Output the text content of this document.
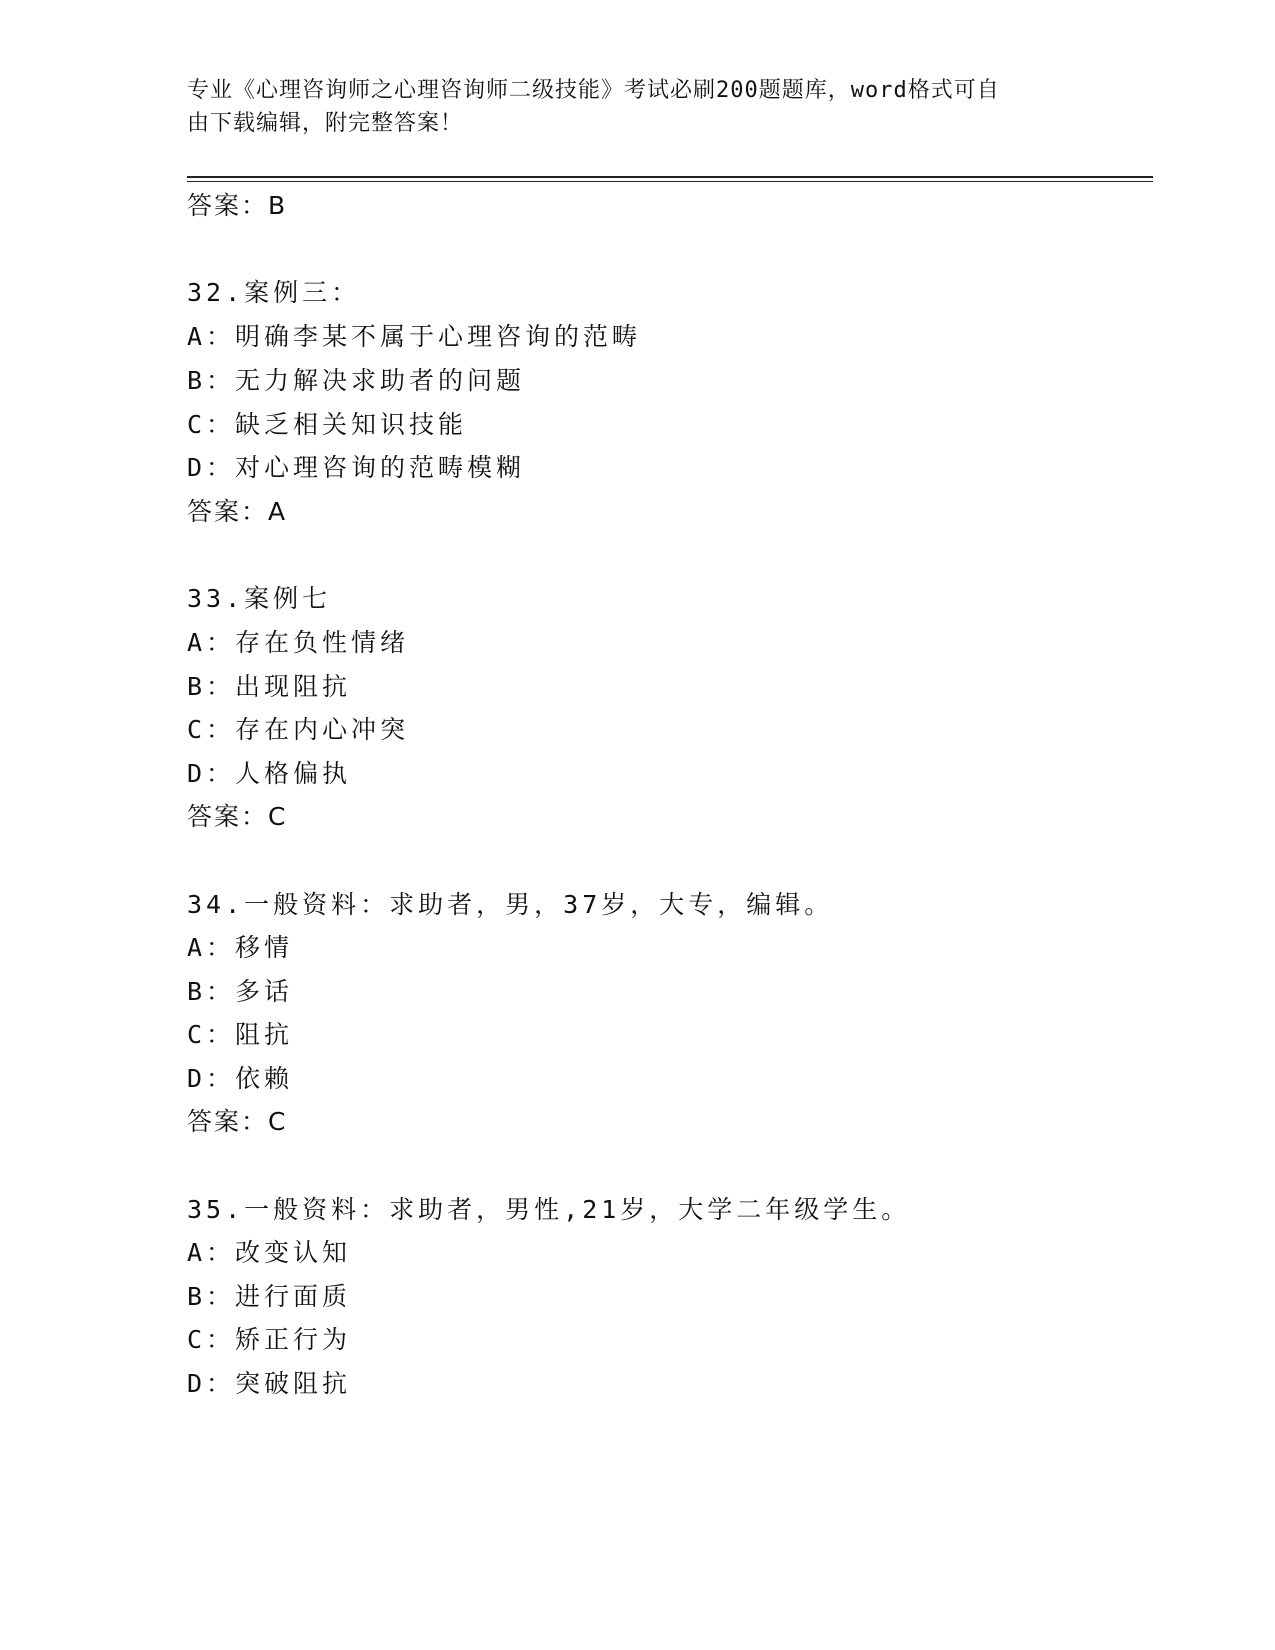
专业《心理咨询师之心理咨询师二级技能》考试必刷200题题库，word格式可自
由下载编辑，附完整答案！
答案：B
32.案例三：
A：明确李某不属于心理咨询的范畴
B：无力解决求助者的问题
C：缺乏相关知识技能
D：对心理咨询的范畴模糊
答案：A
33.案例七
A：存在负性情绪
B：出现阻抗
C：存在内心冲突
D：人格偏执
答案：C
34.一般资料：求助者，男，37岁，大专，编辑。
A：移情
B：多话
C：阻抗
D：依赖
答案：C
35.一般资料：求助者，男性,21岁，大学二年级学生。
A：改变认知
B：进行面质
C：矫正行为
D：突破阻抗
